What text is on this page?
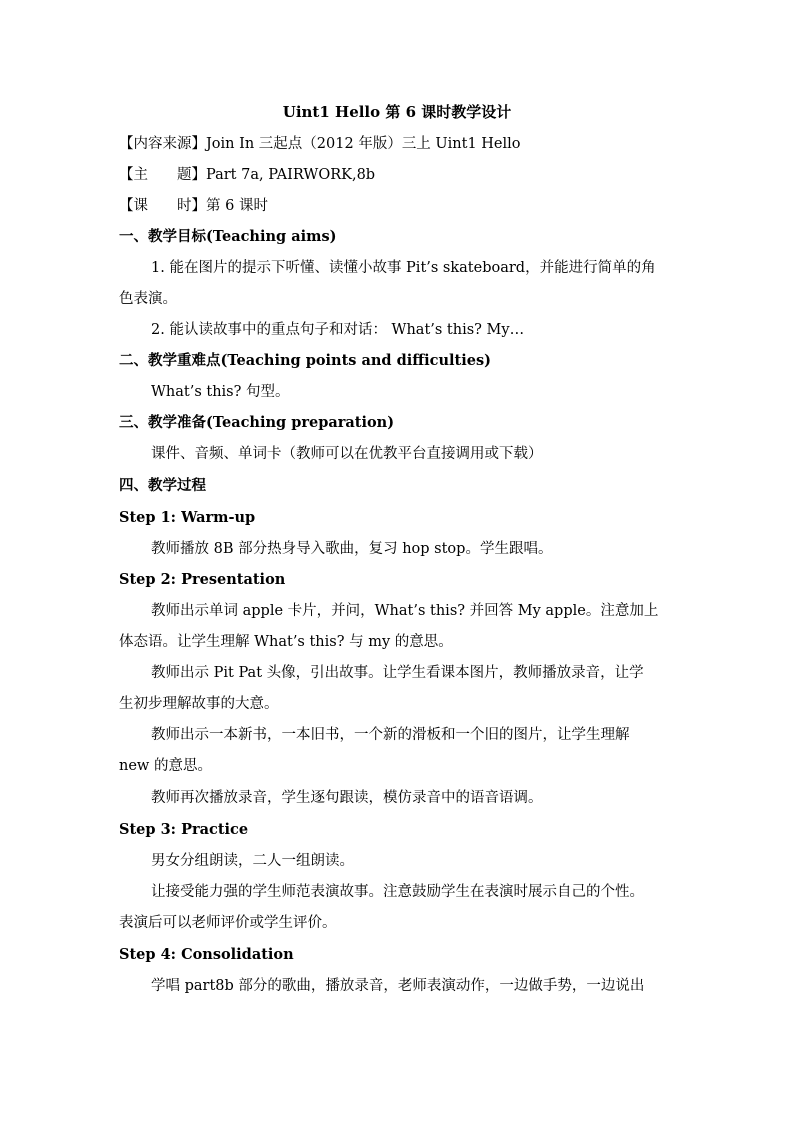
Uint1 Hello 第 6 课时教学设计
【内容来源】Join In 三起点（2012 年版）三上 Uint1 Hello
【主　　题】Part 7a, PAIRWORK,8b
【课　　时】第 6 课时
一、教学目标(Teaching aims)
1. 能在图片的提示下听懂、读懂小故事 Pit’s skateboard，并能进行简单的角
色表演。
2. 能认读故事中的重点句子和对话： What’s this? My…
二、教学重难点(Teaching points and difficulties)
What’s this? 句型。
三、教学准备(Teaching preparation)
课件、音频、单词卡（教师可以在优教平台直接调用或下载）
四、教学过程
Step 1: Warm-up
教师播放 8B 部分热身导入歌曲，复习 hop stop。学生跟唱。
Step 2: Presentation
教师出示单词 apple 卡片，并问，What’s this? 并回答 My apple。注意加上
体态语。让学生理解 What’s this? 与 my 的意思。
教师出示 Pit Pat 头像，引出故事。让学生看课本图片，教师播放录音，让学
生初步理解故事的大意。
教师出示一本新书，一本旧书，一个新的滑板和一个旧的图片，让学生理解
new 的意思。
教师再次播放录音，学生逐句跟读，模仿录音中的语音语调。
Step 3: Practice
男女分组朗读，二人一组朗读。
让接受能力强的学生师范表演故事。注意鼓励学生在表演时展示自己的个性。
表演后可以老师评价或学生评价。
Step 4: Consolidation
学唱 part8b 部分的歌曲，播放录音，老师表演动作，一边做手势，一边说出
